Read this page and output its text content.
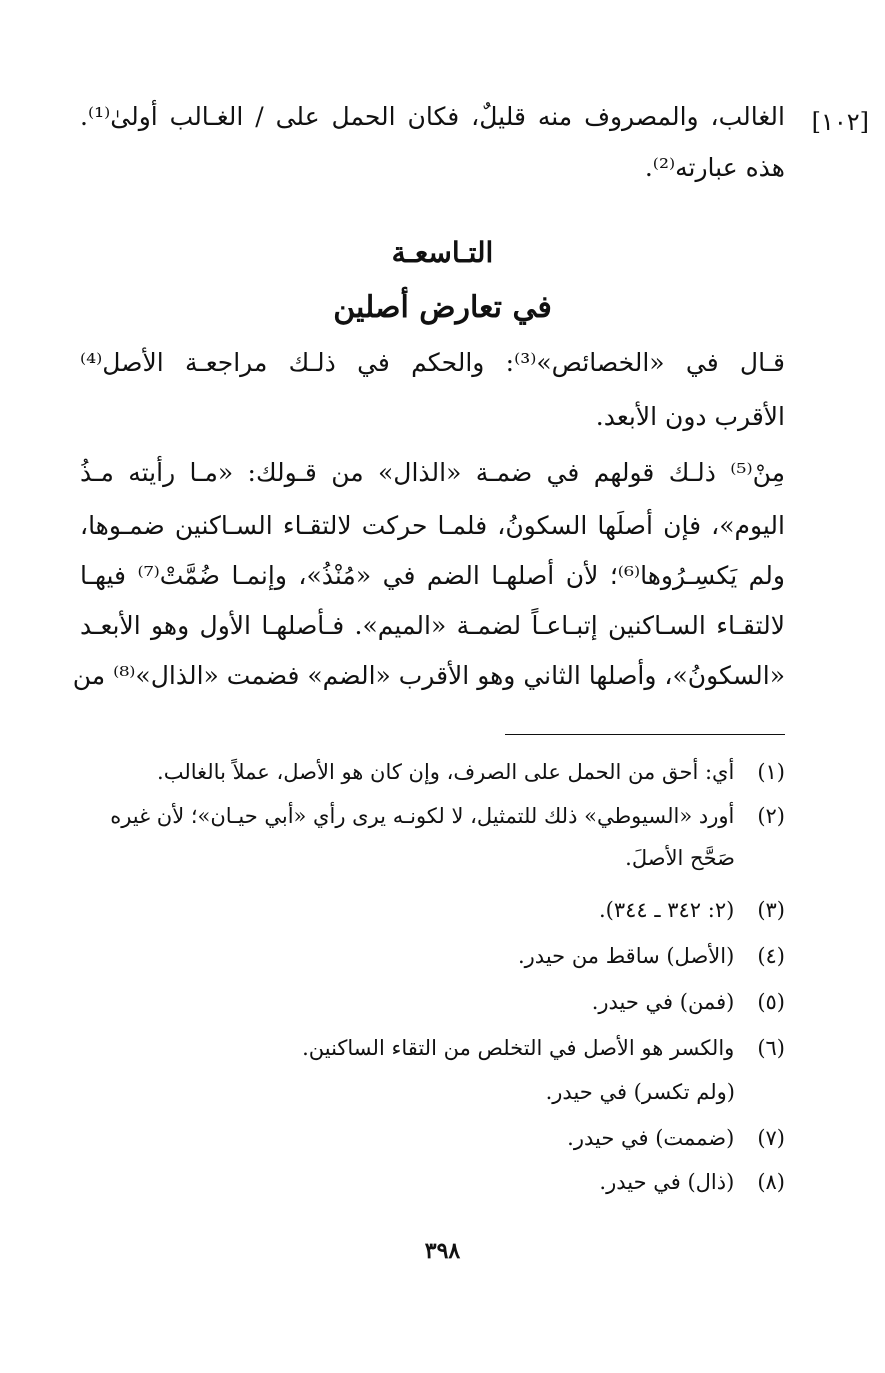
[١٠٢]
الغالب، والمصروف منه قليلٌ، فكان الحمل على / الغـالب أولىٰ⁽¹⁾.
هذه عبارته⁽²⁾.
التـاسعـة
في تعارض أصلين
قـال في «الخصائص»⁽³⁾: والحكم في ذلـك مراجعـة الأصل⁽⁴⁾
الأقرب دون الأبعد.
مِنْ⁽⁵⁾ ذلـك قولهم في ضمـة «الذال» من قـولك: «مـا رأيته مـذُ
اليوم»، فإن أصلَها السكونُ، فلمـا حركت لالتقـاء السـاكنين ضمـوها،
ولم يَكسِـرُوها⁽⁶⁾؛ لأن أصلهـا الضم في «مُنْذُ»، وإنمـا ضُمَّتْ⁽⁷⁾ فيهـا
لالتقـاء السـاكنين إتبـاعـاً لضمـة «الميم». فـأصلهـا الأول وهو الأبعـد
«السكونُ»، وأصلها الثاني وهو الأقرب «الضم» فضمت «الذال»⁽⁸⁾ من
(١) أي: أحق من الحمل على الصرف، وإن كان هو الأصل، عملاً بالغالب.
(٢) أورد «السيوطي» ذلك للتمثيل، لا لكونـه يرى رأي «أبي حيـان»؛ لأن غيره
صَحَّح الأصلَ.
(٣) (٢: ٣٤٢ ـ ٣٤٤).
(٤) (الأصل) ساقط من حيدر.
(٥) (فمن) في حيدر.
(٦) والكسر هو الأصل في التخلص من التقاء الساكنين.
(ولم تكسر) في حيدر.
(٧) (ضممت) في حيدر.
(٨) (ذال) في حيدر.
٣٩٨
